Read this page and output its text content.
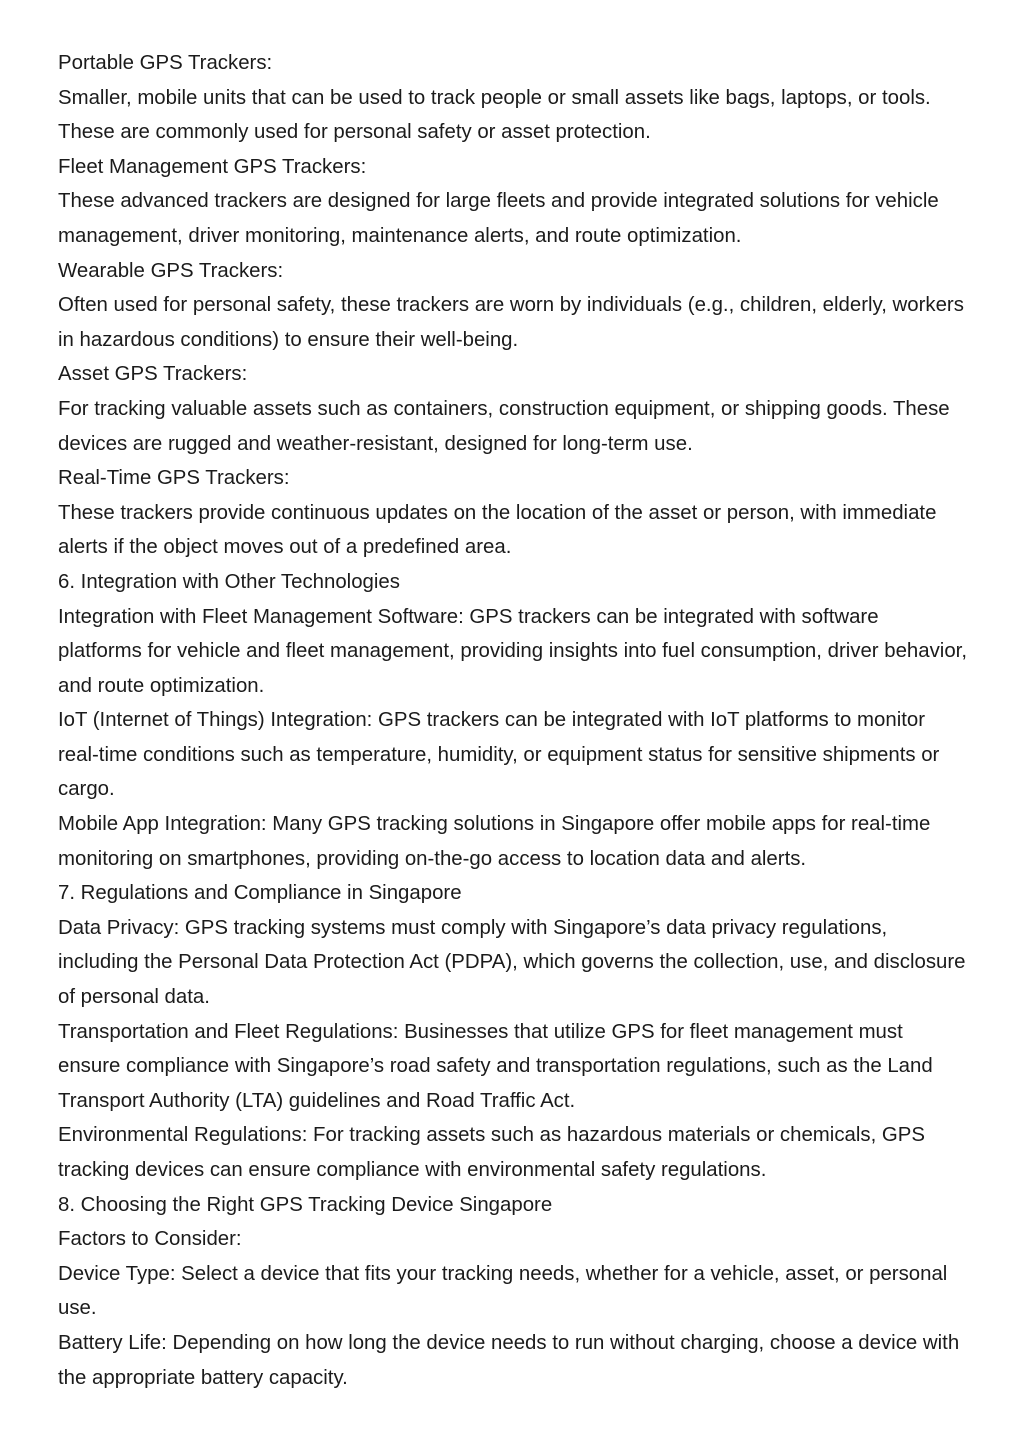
Portable GPS Trackers:

Smaller, mobile units that can be used to track people or small assets like bags, laptops, or tools. These are commonly used for personal safety or asset protection.

Fleet Management GPS Trackers:

These advanced trackers are designed for large fleets and provide integrated solutions for vehicle management, driver monitoring, maintenance alerts, and route optimization.

Wearable GPS Trackers:

Often used for personal safety, these trackers are worn by individuals (e.g., children, elderly, workers in hazardous conditions) to ensure their well-being.

Asset GPS Trackers:

For tracking valuable assets such as containers, construction equipment, or shipping goods. These devices are rugged and weather-resistant, designed for long-term use.

Real-Time GPS Trackers:

These trackers provide continuous updates on the location of the asset or person, with immediate alerts if the object moves out of a predefined area.

6. Integration with Other Technologies

Integration with Fleet Management Software: GPS trackers can be integrated with software platforms for vehicle and fleet management, providing insights into fuel consumption, driver behavior, and route optimization.

IoT (Internet of Things) Integration: GPS trackers can be integrated with IoT platforms to monitor real-time conditions such as temperature, humidity, or equipment status for sensitive shipments or cargo.

Mobile App Integration: Many GPS tracking solutions in Singapore offer mobile apps for real-time monitoring on smartphones, providing on-the-go access to location data and alerts.

7. Regulations and Compliance in Singapore

Data Privacy: GPS tracking systems must comply with Singapore’s data privacy regulations, including the Personal Data Protection Act (PDPA), which governs the collection, use, and disclosure of personal data.

Transportation and Fleet Regulations: Businesses that utilize GPS for fleet management must ensure compliance with Singapore’s road safety and transportation regulations, such as the Land Transport Authority (LTA) guidelines and Road Traffic Act.

Environmental Regulations: For tracking assets such as hazardous materials or chemicals, GPS tracking devices can ensure compliance with environmental safety regulations.

8. Choosing the Right GPS Tracking Device Singapore

Factors to Consider:

Device Type: Select a device that fits your tracking needs, whether for a vehicle, asset, or personal use.

Battery Life: Depending on how long the device needs to run without charging, choose a device with the appropriate battery capacity.
